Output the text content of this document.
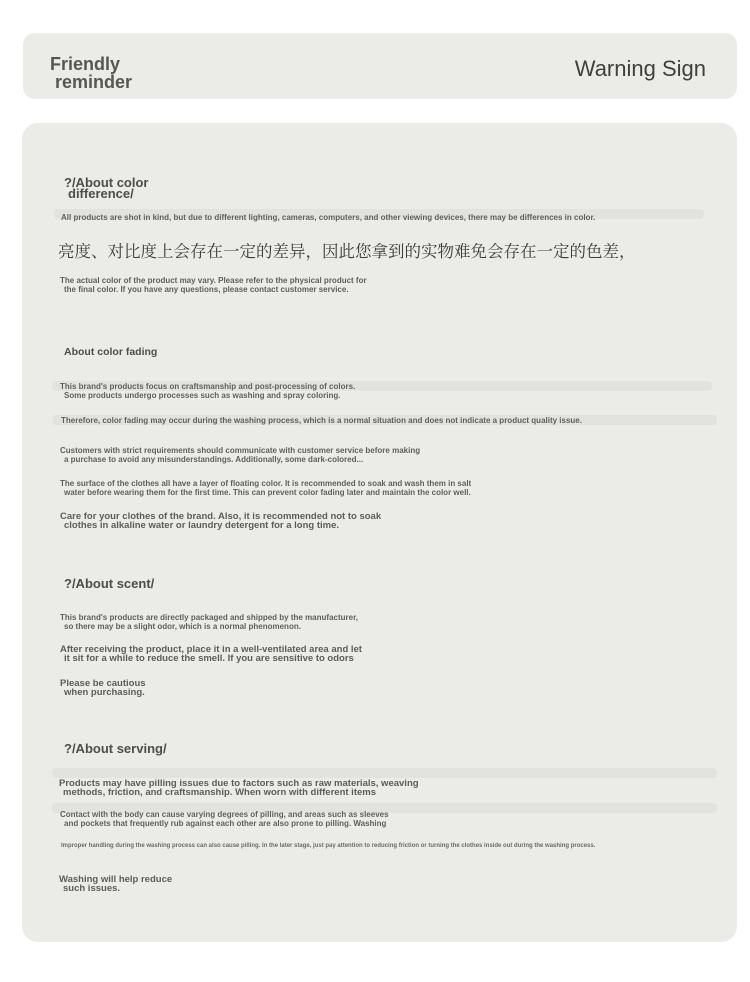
Friendly
reminder
Warning Sign
?/About color
difference/
All products are shot in kind, but due to different lighting, cameras, computers, and other viewing devices, there may be differences in color.
亮度、对比度上会存在一定的差异，因此您拿到的实物难免会存在一定的色差，
The actual color of the product may vary. Please refer to the physical product for
the final color. If you have any questions, please contact customer service.
About color fading
This brand's products focus on craftsmanship and post-processing of colors.
Some products undergo processes such as washing and spray coloring.
Therefore, color fading may occur during the washing process, which is a normal situation and does not indicate a product quality issue.
Customers with strict requirements should communicate with customer service before making
a purchase to avoid any misunderstandings. Additionally, some dark-colored...
The surface of the clothes all have a layer of floating color. It is recommended to soak and wash them in salt
water before wearing them for the first time. This can prevent color fading later and maintain the color well.
Care for your clothes of the brand. Also, it is recommended not to soak
clothes in alkaline water or laundry detergent for a long time.
?/About scent/
This brand's products are directly packaged and shipped by the manufacturer,
so there may be a slight odor, which is a normal phenomenon.
After receiving the product, place it in a well-ventilated area and let
it sit for a while to reduce the smell. If you are sensitive to odors
Please be cautious
when purchasing.
?/About serving/
Products may have pilling issues due to factors such as raw materials, weaving
methods, friction, and craftsmanship. When worn with different items
Contact with the body can cause varying degrees of pilling, and areas such as sleeves
and pockets that frequently rub against each other are also prone to pilling. Washing
Improper handling during the washing process can also cause pilling. In the later stage, just pay attention to reducing friction or turning the clothes inside out during the washing process.
Washing will help reduce
such issues.
